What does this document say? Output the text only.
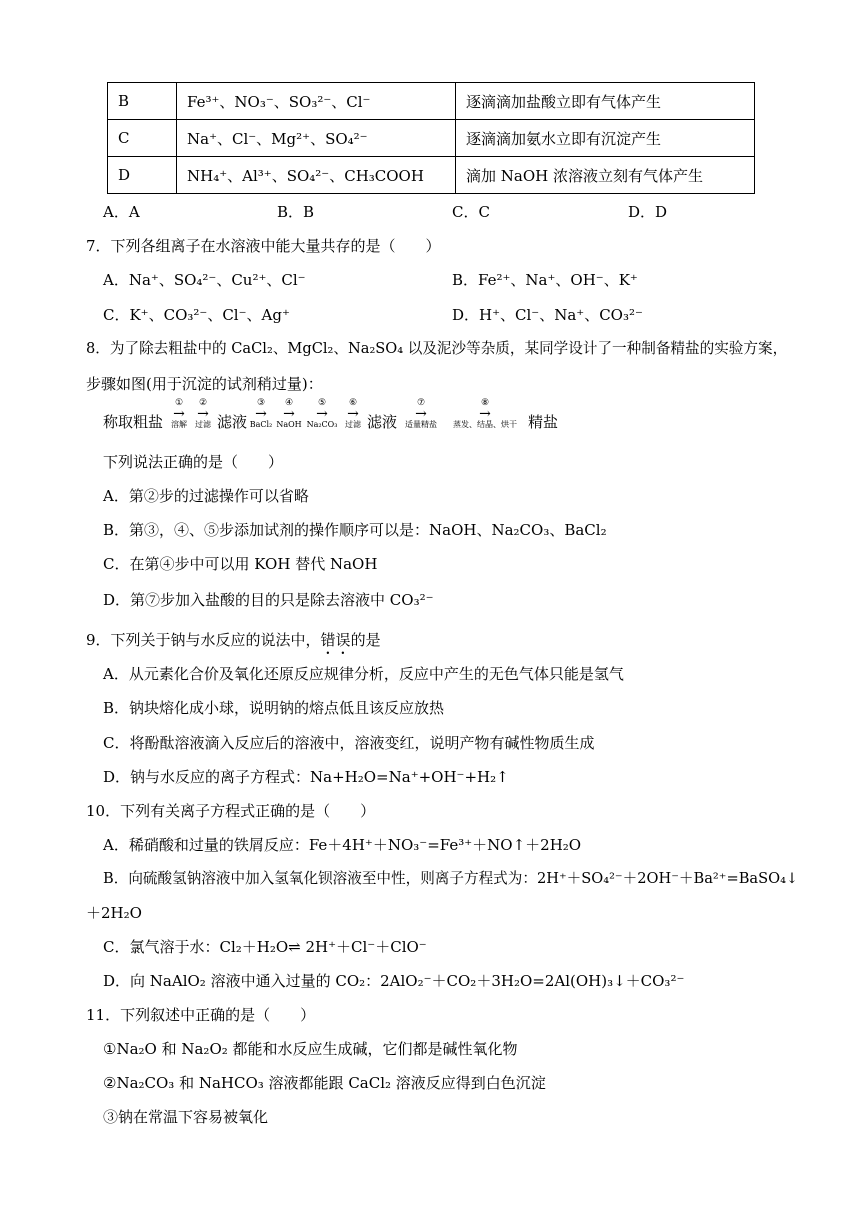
B	Fe³⁺、NO₃⁻、SO₃²⁻、Cl⁻	逐滴滴加盐酸立即有气体产生
C	Na⁺、Cl⁻、Mg²⁺、SO₄²⁻	逐滴滴加氨水立即有沉淀产生
D	NH₄⁺、Al³⁺、SO₄²⁻、CH₃COOH	滴加 NaOH 浓溶液立刻有气体产生
A．A	B．B	C．C	D．D
7．下列各组离子在水溶液中能大量共存的是（　　）
A．Na⁺、SO₄²⁻、Cu²⁺、Cl⁻	B．Fe²⁺、Na⁺、OH⁻、K⁺
C．K⁺、CO₃²⁻、Cl⁻、Ag⁺	D．H⁺、Cl⁻、Na⁺、CO₃²⁻
8．为了除去粗盐中的 CaCl₂、MgCl₂、Na₂SO₄ 以及泥沙等杂质，某同学设计了一种制备精盐的实验方案，
步骤如图(用于沉淀的试剂稍过量)：
称取粗盐
①
→
溶解
②
→
过滤 滤液
③
→
BaCl₂
④
→
NaOH
⑤
→
Na₂CO₃
⑥
→
过滤 滤液
⑦
→
适量精盐
⑧
→
蒸发、结晶、烘干 精盐
下列说法正确的是（　　）
A．第②步的过滤操作可以省略
B．第③，④、⑤步添加试剂的操作顺序可以是：NaOH、Na₂CO₃、BaCl₂
C．在第④步中可以用 KOH 替代 NaOH
D．第⑦步加入盐酸的目的只是除去溶液中 CO₃²⁻
9．下列关于钠与水反应的说法中，错误的是
A．从元素化合价及氧化还原反应规律分析，反应中产生的无色气体只能是氢气
B．钠块熔化成小球，说明钠的熔点低且该反应放热
C．将酚酞溶液滴入反应后的溶液中，溶液变红，说明产物有碱性物质生成
D．钠与水反应的离子方程式：Na+H₂O=Na⁺+OH⁻+H₂↑
10．下列有关离子方程式正确的是（　　）
A．稀硝酸和过量的铁屑反应：Fe＋4H⁺＋NO₃⁻=Fe³⁺＋NO↑＋2H₂O
B．向硫酸氢钠溶液中加入氢氧化钡溶液至中性，则离子方程式为：2H⁺＋SO₄²⁻＋2OH⁻＋Ba²⁺=BaSO₄↓
＋2H₂O
C．氯气溶于水：Cl₂＋H₂O⇌ 2H⁺＋Cl⁻＋ClO⁻
D．向 NaAlO₂ 溶液中通入过量的 CO₂：2AlO₂⁻＋CO₂＋3H₂O=2Al(OH)₃↓＋CO₃²⁻
11．下列叙述中正确的是（　　）
①Na₂O 和 Na₂O₂ 都能和水反应生成碱，它们都是碱性氧化物
②Na₂CO₃ 和 NaHCO₃ 溶液都能跟 CaCl₂ 溶液反应得到白色沉淀
③钠在常温下容易被氧化
